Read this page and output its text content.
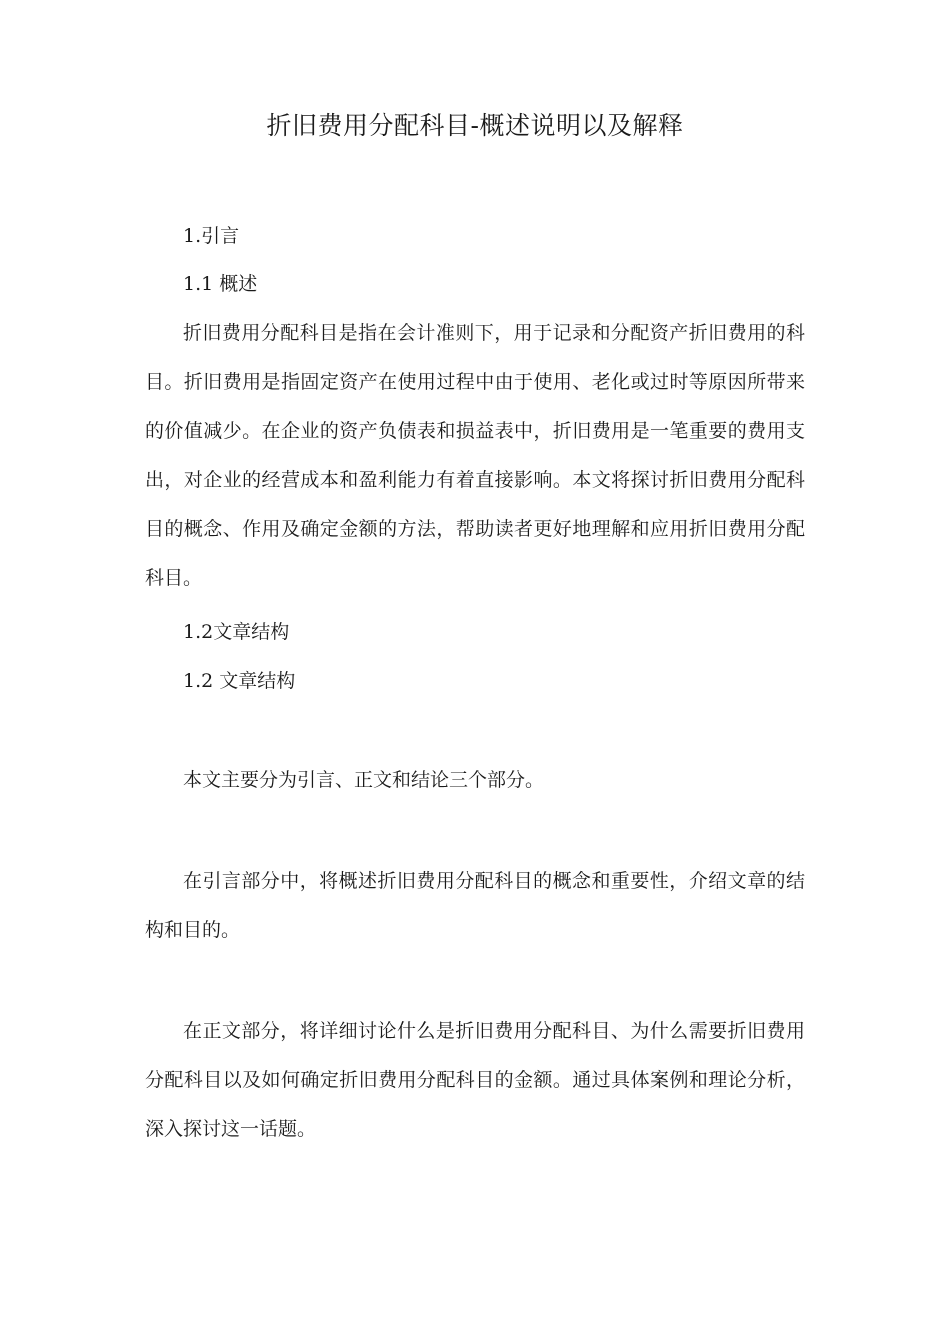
折旧费用分配科目-概述说明以及解释
1.引言
1.1 概述

折旧费用分配科目是指在会计准则下，用于记录和分配资产折旧费用的科目。折旧费用是指固定资产在使用过程中由于使用、老化或过时等原因所带来的价值减少。在企业的资产负债表和损益表中，折旧费用是一笔重要的费用支出，对企业的经营成本和盈利能力有着直接影响。本文将探讨折旧费用分配科目的概念、作用及确定金额的方法，帮助读者更好地理解和应用折旧费用分配科目。

1.2文章结构
1.2 文章结构

本文主要分为引言、正文和结论三个部分。

在引言部分中，将概述折旧费用分配科目的概念和重要性，介绍文章的结构和目的。

在正文部分，将详细讨论什么是折旧费用分配科目、为什么需要折旧费用分配科目以及如何确定折旧费用分配科目的金额。通过具体案例和理论分析，深入探讨这一话题。
